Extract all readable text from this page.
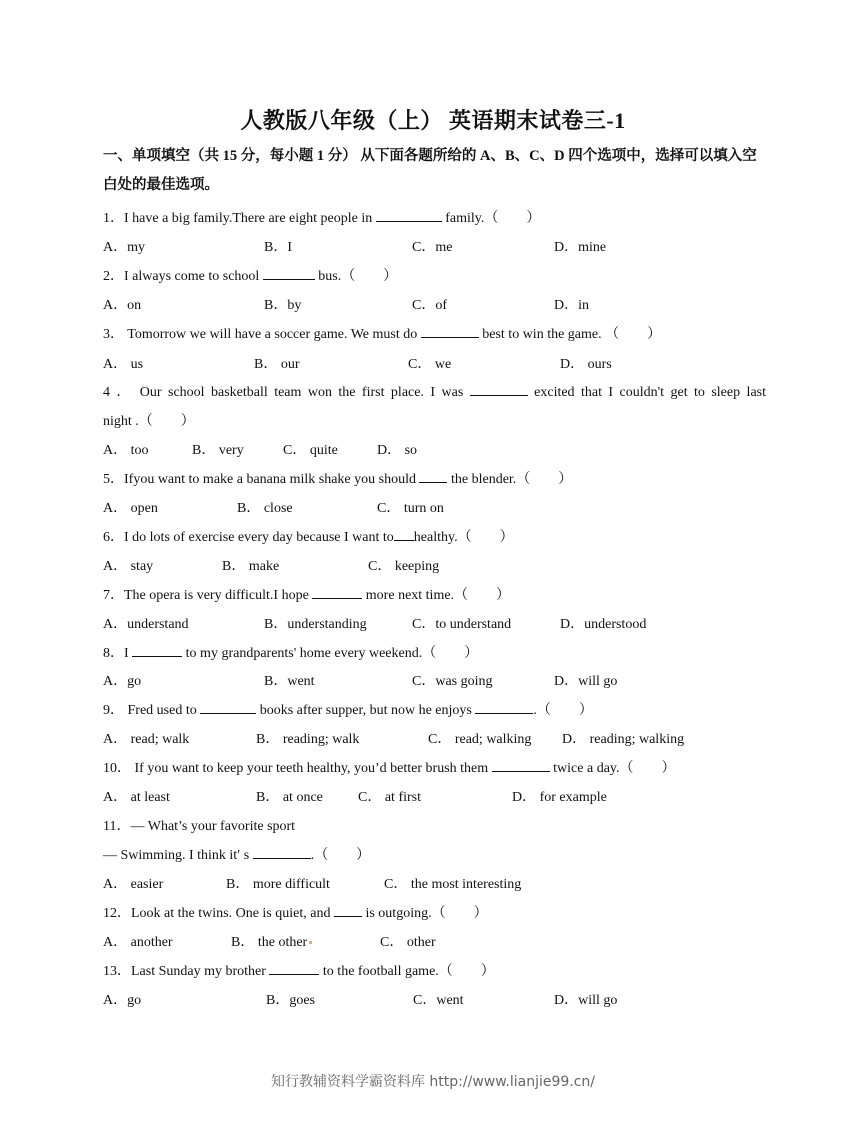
人教版八年级（上） 英语期末试卷三-1
一、单项填空（共 15 分，每小题 1 分） 从下面各题所给的 A、B、C、D 四个选项中，选择可以填入空白处的最佳选项。
1．I have a big family.There are eight people in	family.（　　）
A．my	B．I	C．me	D．mine
2．I always come to school	bus.（　　）
A．on	B．by	C．of	D．in
3． Tomorrow we will have a soccer game. We must do	best to win the game. （　　）
A． us	B． our	C． we	D． ours
4 ． Our school basketball team won the first place. I was	excited that I couldn't get to sleep last
night .（　　）
A． too	B． very	C． quite	D． so
5．Ifyou want to make a banana milk shake you should	the blender.（　　）
A． open	B． close	C． turn on
6．I do lots of exercise every day because I want to healthy.（　　）
A． stay	B． make	C． keeping
7．The opera is very difficult.I hope	more next time.（　　）
A．understand	B．understanding	C．to understand	D．understood
8．I	to my grandparents' home every weekend.（　　）
A．go	B．went	C．was going	D．will go
9． Fred used to	books after supper, but now he enjoys	.（　　）
A． read; walk	B． reading; walk	C． read; walking D． reading; walking
10． If you want to keep your teeth healthy, you’d better brush them	twice a day.（　　）
A． at least	B． at once	C． at first	D． for example
11．— What’s your favorite sport
— Swimming. I think it′ s	.（　　）
A． easier	B． more difficult	C． the most interesting
12．Look at the twins. One is quiet, and	is outgoing.（　　）
A． another	B． the other	C． other
13．Last Sunday my brother	to the football game.（　　）
A．go	B．goes	C．went	D．will go
知行教辅资料学霸资料库 http://www.lianjie99.cn/
